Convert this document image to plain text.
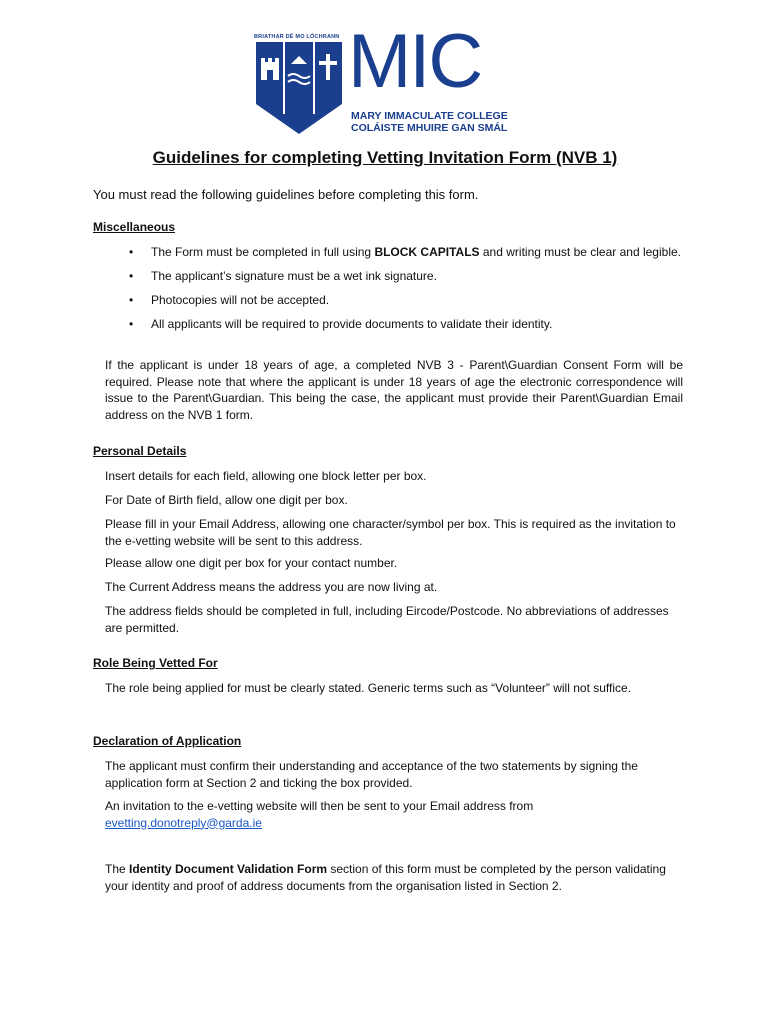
BRIATHAR DÉ MO LÓCHRANN MIC
MARY IMMACULATE COLLEGE
COLÁISTE MHUIRE GAN SMÁL
Guidelines for completing Vetting Invitation Form (NVB 1)
You must read the following guidelines before completing this form.
Miscellaneous
• The Form must be completed in full using BLOCK CAPITALS and writing must be clear and legible.
• The applicant’s signature must be a wet ink signature.
• Photocopies will not be accepted.
• All applicants will be required to provide documents to validate their identity.
If the applicant is under 18 years of age, a completed NVB 3 - Parent\Guardian Consent Form will be required. Please note that where the applicant is under 18 years of age the electronic correspondence will issue to the Parent\Guardian. This being the case, the applicant must provide their Parent\Guardian Email address on the NVB 1 form.
Personal Details
Insert details for each field, allowing one block letter per box.
For Date of Birth field, allow one digit per box.
Please fill in your Email Address, allowing one character/symbol per box. This is required as the invitation to the e-vetting website will be sent to this address.
Please allow one digit per box for your contact number.
The Current Address means the address you are now living at.
The address fields should be completed in full, including Eircode/Postcode. No abbreviations of addresses are permitted.
Role Being Vetted For
The role being applied for must be clearly stated. Generic terms such as “Volunteer” will not suffice.
Declaration of Application
The applicant must confirm their understanding and acceptance of the two statements by signing the application form at Section 2 and ticking the box provided.
An invitation to the e-vetting website will then be sent to your Email address from
evetting.donotreply@garda.ie
The Identity Document Validation Form section of this form must be completed by the person validating your identity and proof of address documents from the organisation listed in Section 2.
